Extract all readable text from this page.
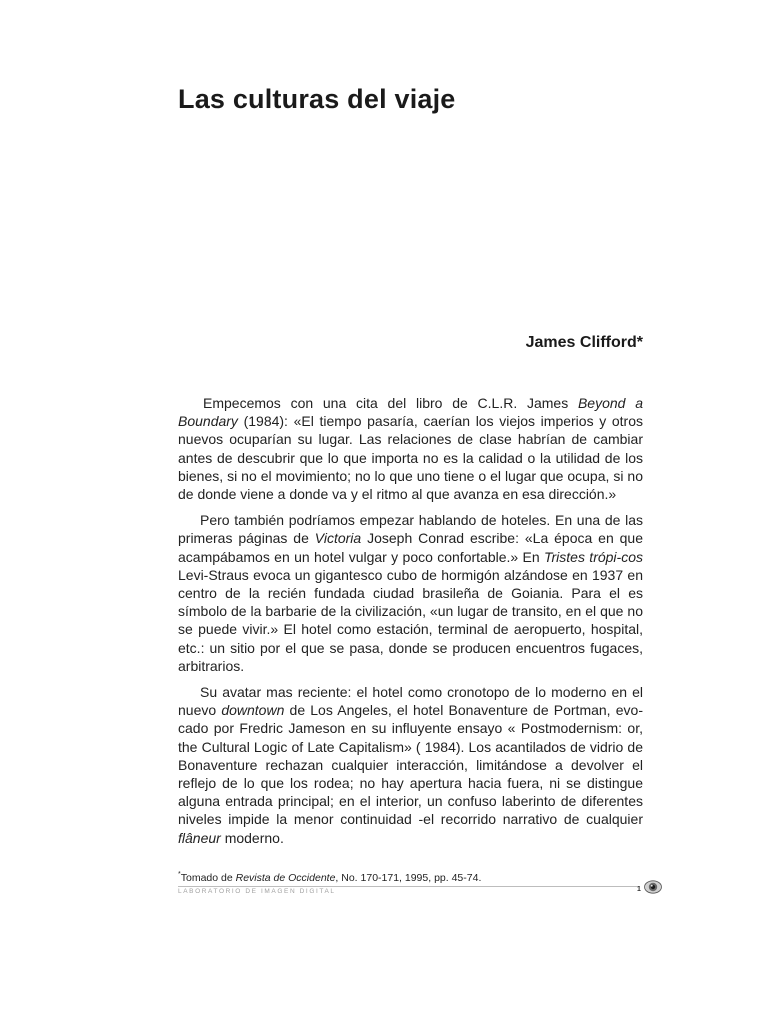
Las culturas del viaje
James Clifford*

Empecemos con una cita del libro de C.L.R. James Beyond a Boundary (1984): «El tiempo pasaría, caerían los viejos imperios y otros nuevos ocuparían su lugar. Las relaciones de clase habrían de cambiar antes de descubrir que lo que importa no es la calidad o la utilidad de los bienes, si no el movimiento; no lo que uno tiene o el lugar que ocupa, si no de donde viene a donde va y el ritmo al que avanza en esa dirección.»

Pero también podríamos empezar hablando de hoteles. En una de las primeras páginas de Victoria Joseph Conrad escribe: «La época en que acampábamos en un hotel vulgar y poco confortable.» En Tristes trópi-cos Levi-Straus evoca un gigantesco cubo de hormigón alzándose en 1937 en centro de la recién fundada ciudad brasileña de Goiania. Para el es símbolo de la barbarie de la civilización, «un lugar de transito, en el que no se puede vivir.» El hotel como estación, terminal de aeropuerto, hospital, etc.: un sitio por el que se pasa, donde se producen encuentros fugaces, arbitrarios.

Su avatar mas reciente: el hotel como cronotopo de lo moderno en el nuevo downtown de Los Angeles, el hotel Bonaventure de Portman, evo-cado por Fredric Jameson en su influyente ensayo « Postmodernism: or, the Cultural Logic of Late Capitalism» ( 1984). Los acantilados de vidrio de Bonaventure rechazan cualquier interacción, limitándose a devolver el reflejo de lo que los rodea; no hay apertura hacia fuera, ni se distingue alguna entrada principal; en el interior, un confuso laberinto de diferentes niveles impide la menor continuidad -el recorrido narrativo de cualquier flâneur moderno.

*Tomado de Revista de Occidente, No. 170-171, 1995, pp. 45-74.
LABORATORIO DE IMAGEN DIGITAL	1
